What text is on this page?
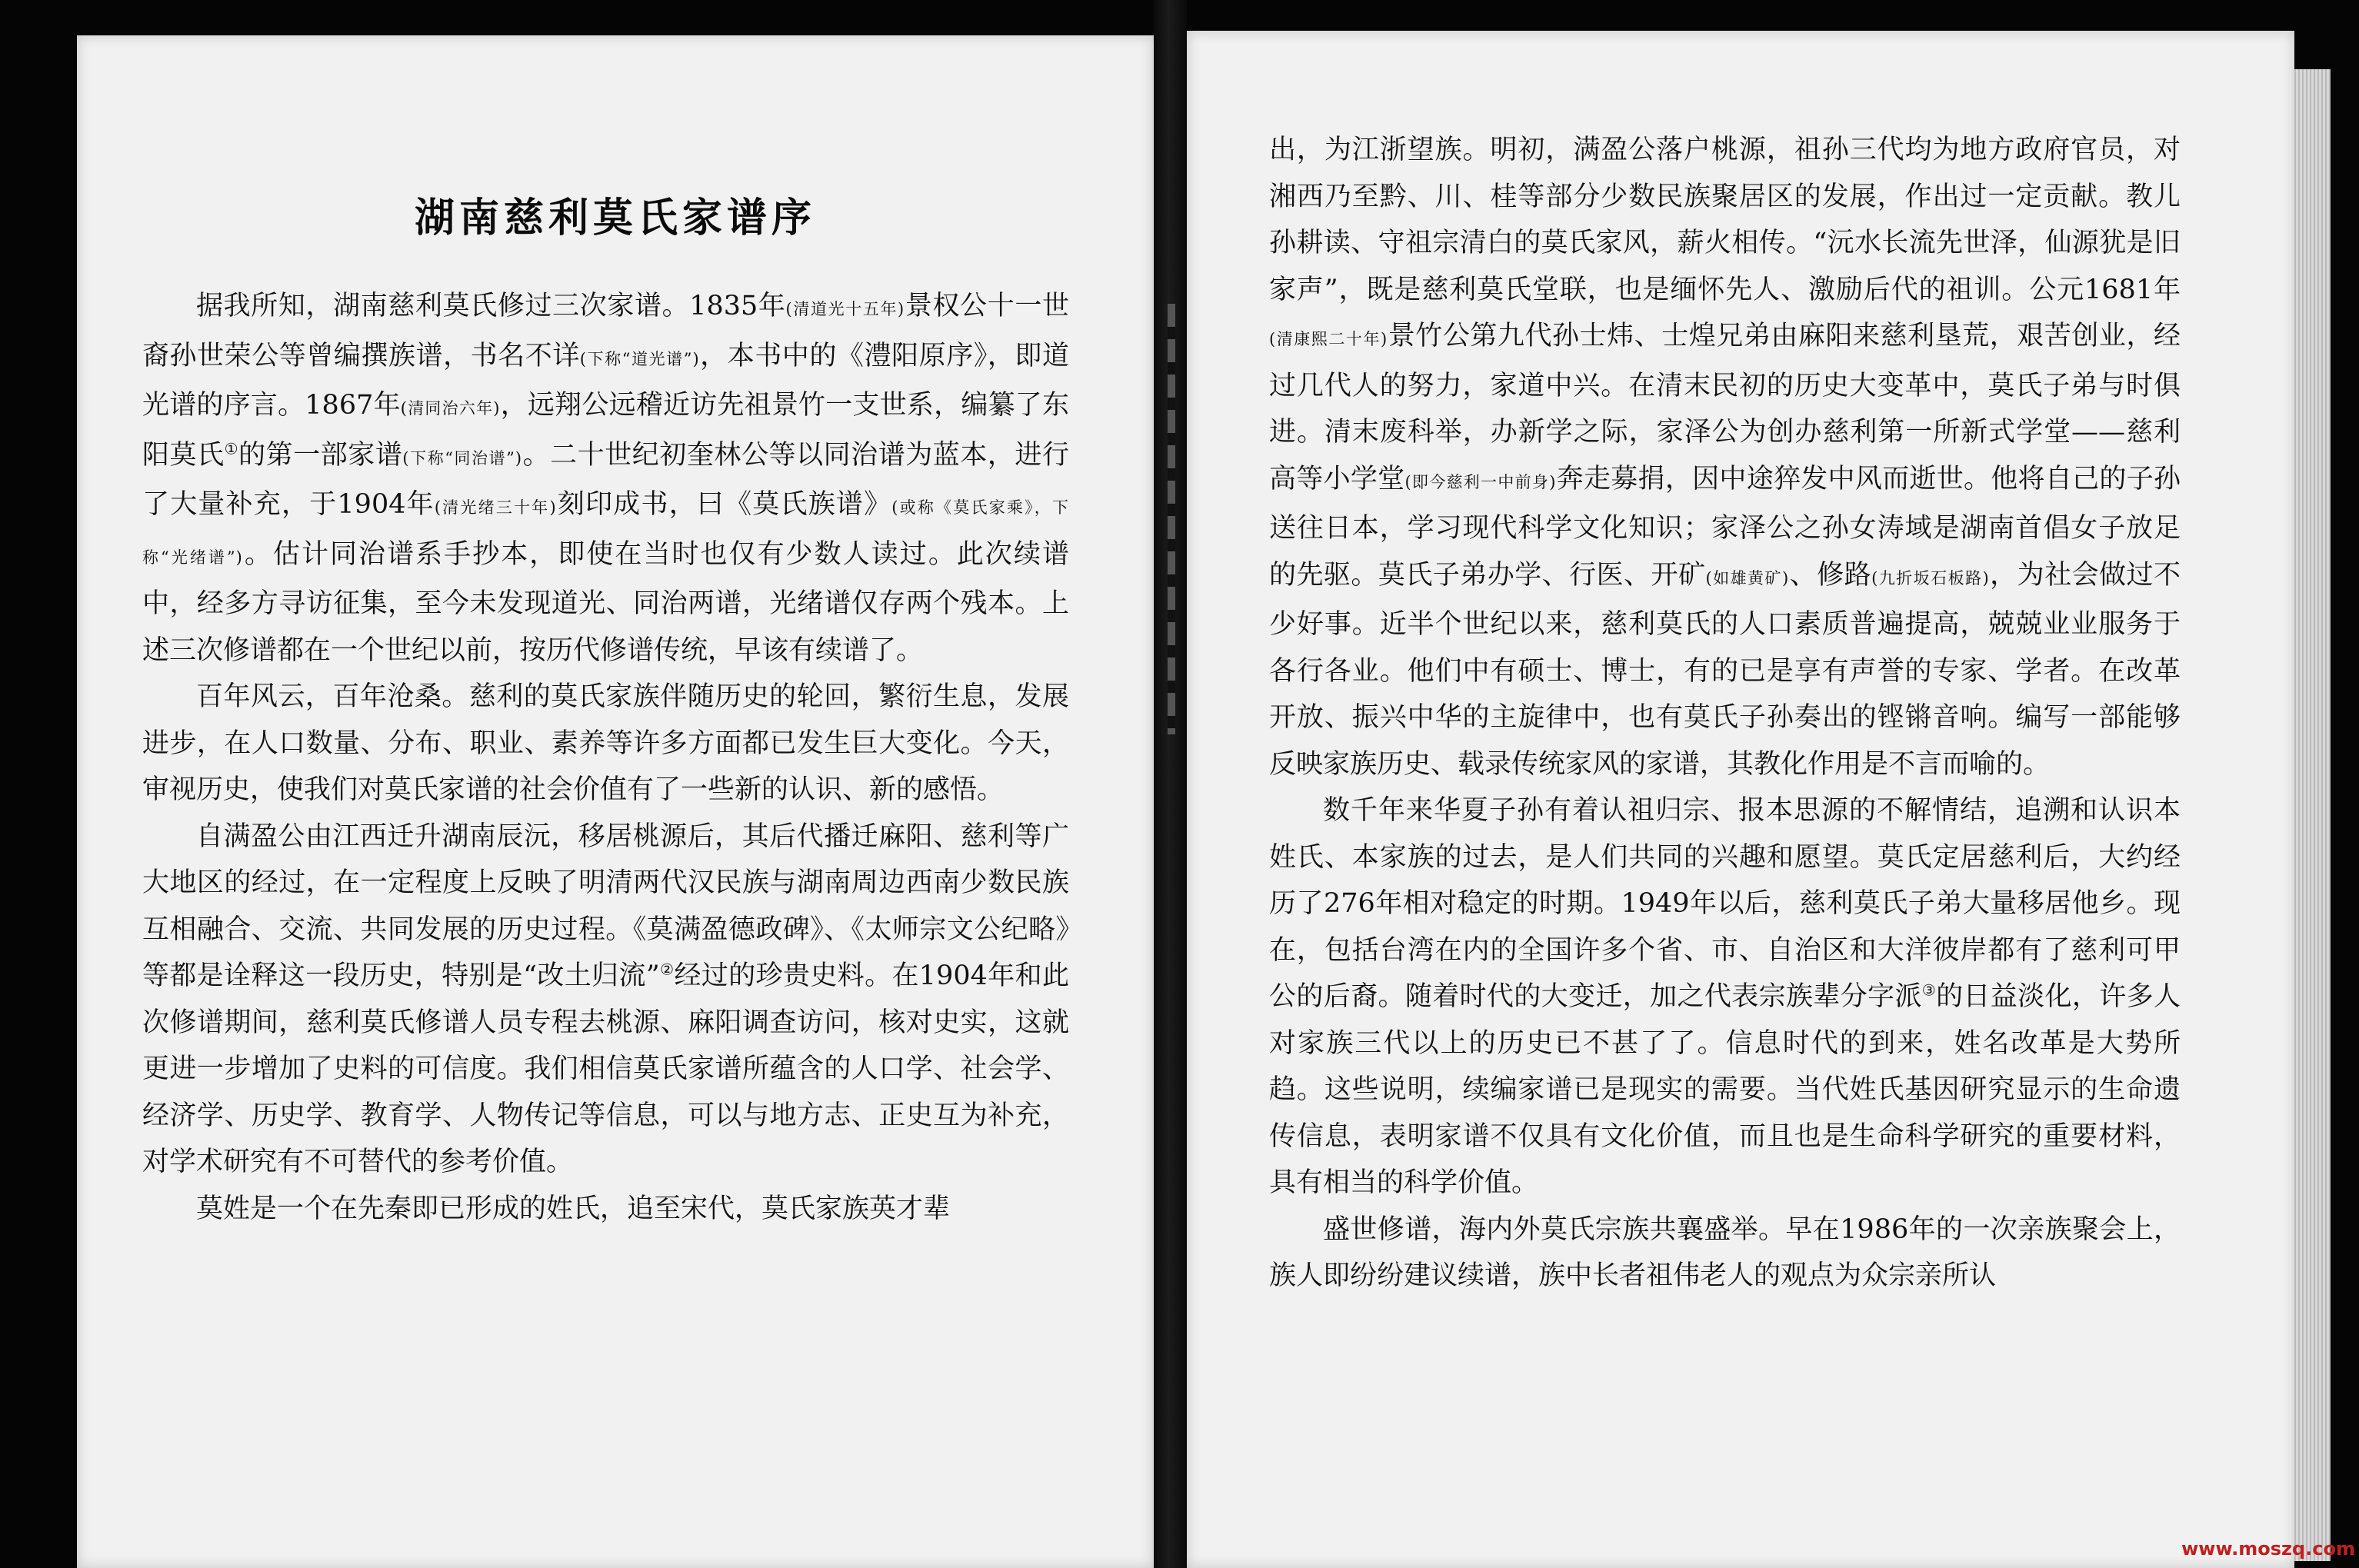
湖南慈利莫氏家谱序

据我所知，湖南慈利莫氏修过三次家谱。1835年(清道光十五年)景权公十一世裔孙世荣公等曾编撰族谱，书名不详(下称“道光谱”)，本书中的《澧阳原序》，即道光谱的序言。1867年(清同治六年)，远翔公远稽近访先祖景竹一支世系，编纂了东阳莫氏①的第一部家谱(下称“同治谱”)。二十世纪初奎林公等以同治谱为蓝本，进行了大量补充，于1904年(清光绪三十年)刻印成书，曰《莫氏族谱》(或称《莫氏家乘》，下称“光绪谱”)。估计同治谱系手抄本，即使在当时也仅有少数人读过。此次续谱中，经多方寻访征集，至今未发现道光、同治两谱，光绪谱仅存两个残本。上述三次修谱都在一个世纪以前，按历代修谱传统，早该有续谱了。

百年风云，百年沧桑。慈利的莫氏家族伴随历史的轮回，繁衍生息，发展进步，在人口数量、分布、职业、素养等许多方面都已发生巨大变化。今天，审视历史，使我们对莫氏家谱的社会价值有了一些新的认识、新的感悟。

自满盈公由江西迁升湖南辰沅，移居桃源后，其后代播迁麻阳、慈利等广大地区的经过，在一定程度上反映了明清两代汉民族与湖南周边西南少数民族互相融合、交流、共同发展的历史过程。《莫满盈德政碑》、《太师宗文公纪略》等都是诠释这一段历史，特别是“改土归流”②经过的珍贵史料。在1904年和此次修谱期间，慈利莫氏修谱人员专程去桃源、麻阳调查访问，核对史实，这就更进一步增加了史料的可信度。我们相信莫氏家谱所蕴含的人口学、社会学、经济学、历史学、教育学、人物传记等信息，可以与地方志、正史互为补充，对学术研究有不可替代的参考价值。

莫姓是一个在先秦即已形成的姓氏，追至宋代，莫氏家族英才辈

出，为江浙望族。明初，满盈公落户桃源，祖孙三代均为地方政府官员，对湘西乃至黔、川、桂等部分少数民族聚居区的发展，作出过一定贡献。教儿孙耕读、守祖宗清白的莫氏家风，薪火相传。“沅水长流先世泽，仙源犹是旧家声”，既是慈利莫氏堂联，也是缅怀先人、激励后代的祖训。公元1681年(清康熙二十年)景竹公第九代孙士炜、士煌兄弟由麻阳来慈利垦荒，艰苦创业，经过几代人的努力，家道中兴。在清末民初的历史大变革中，莫氏子弟与时俱进。清末废科举，办新学之际，家泽公为创办慈利第一所新式学堂——慈利高等小学堂(即今慈利一中前身)奔走募捐，因中途猝发中风而逝世。他将自己的子孙送往日本，学习现代科学文化知识；家泽公之孙女涛域是湖南首倡女子放足的先驱。莫氏子弟办学、行医、开矿(如雄黄矿)、修路(九折坂石板路)，为社会做过不少好事。近半个世纪以来，慈利莫氏的人口素质普遍提高，兢兢业业服务于各行各业。他们中有硕士、博士，有的已是享有声誉的专家、学者。在改革开放、振兴中华的主旋律中，也有莫氏子孙奏出的铿锵音响。编写一部能够反映家族历史、载录传统家风的家谱，其教化作用是不言而喻的。

数千年来华夏子孙有着认祖归宗、报本思源的不解情结，追溯和认识本姓氏、本家族的过去，是人们共同的兴趣和愿望。莫氏定居慈利后，大约经历了276年相对稳定的时期。1949年以后，慈利莫氏子弟大量移居他乡。现在，包括台湾在内的全国许多个省、市、自治区和大洋彼岸都有了慈利可甲公的后裔。随着时代的大变迁，加之代表宗族辈分字派③的日益淡化，许多人对家族三代以上的历史已不甚了了。信息时代的到来，姓名改革是大势所趋。这些说明，续编家谱已是现实的需要。当代姓氏基因研究显示的生命遗传信息，表明家谱不仅具有文化价值，而且也是生命科学研究的重要材料，具有相当的科学价值。

盛世修谱，海内外莫氏宗族共襄盛举。早在1986年的一次亲族聚会上，族人即纷纷建议续谱，族中长者祖伟老人的观点为众宗亲所认

www.moszq.com
